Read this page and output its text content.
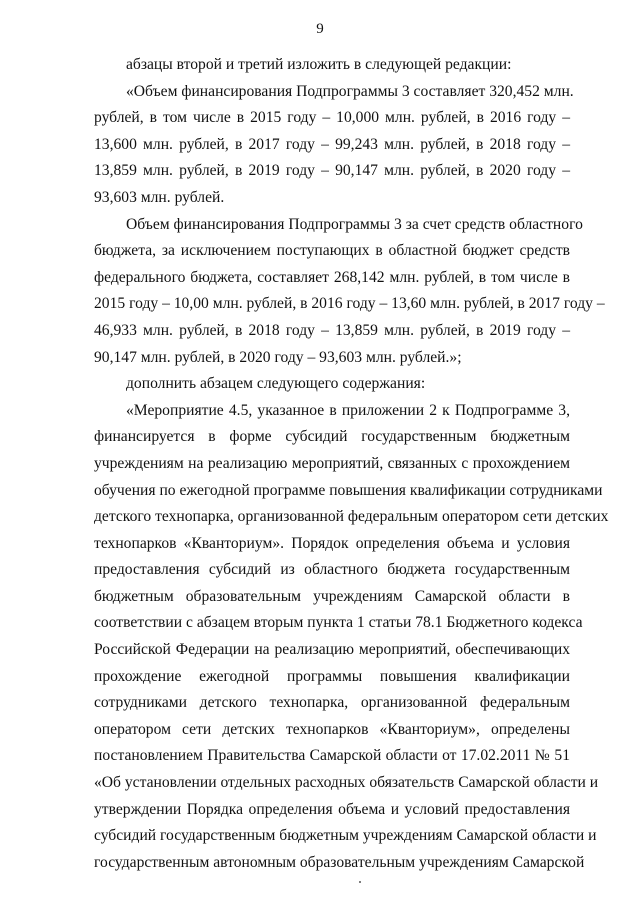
9
абзацы второй и третий изложить в следующей редакции:
«Объем финансирования Подпрограммы 3 составляет 320,452 млн.
рублей, в том числе в 2015 году – 10,000 млн. рублей, в 2016 году –
13,600 млн. рублей, в 2017 году – 99,243 млн. рублей, в 2018 году –
13,859 млн. рублей, в 2019 году – 90,147 млн. рублей, в 2020 году –
93,603 млн. рублей.
Объем финансирования Подпрограммы 3 за счет средств областного
бюджета, за исключением поступающих в областной бюджет средств
федерального бюджета, составляет 268,142 млн. рублей, в том числе в
2015 году – 10,00 млн. рублей, в 2016 году – 13,60 млн. рублей, в 2017 году –
46,933 млн. рублей, в 2018 году – 13,859 млн. рублей, в 2019 году –
90,147 млн. рублей, в 2020 году – 93,603 млн. рублей.»;
дополнить абзацем следующего содержания:
«Мероприятие 4.5, указанное в приложении 2 к Подпрограмме 3,
финансируется в форме субсидий государственным бюджетным
учреждениям на реализацию мероприятий, связанных с прохождением
обучения по ежегодной программе повышения квалификации сотрудниками
детского технопарка, организованной федеральным оператором сети детских
технопарков «Кванториум». Порядок определения объема и условия
предоставления субсидий из областного бюджета государственным
бюджетным образовательным учреждениям Самарской области в
соответствии с абзацем вторым пункта 1 статьи 78.1 Бюджетного кодекса
Российской Федерации на реализацию мероприятий, обеспечивающих
прохождение ежегодной программы повышения квалификации
сотрудниками детского технопарка, организованной федеральным
оператором сети детских технопарков «Кванториум», определены
постановлением Правительства Самарской области от 17.02.2011 № 51
«Об установлении отдельных расходных обязательств Самарской области и
утверждении Порядка определения объема и условий предоставления
субсидий государственным бюджетным учреждениям Самарской области и
государственным автономным образовательным учреждениям Самарской
